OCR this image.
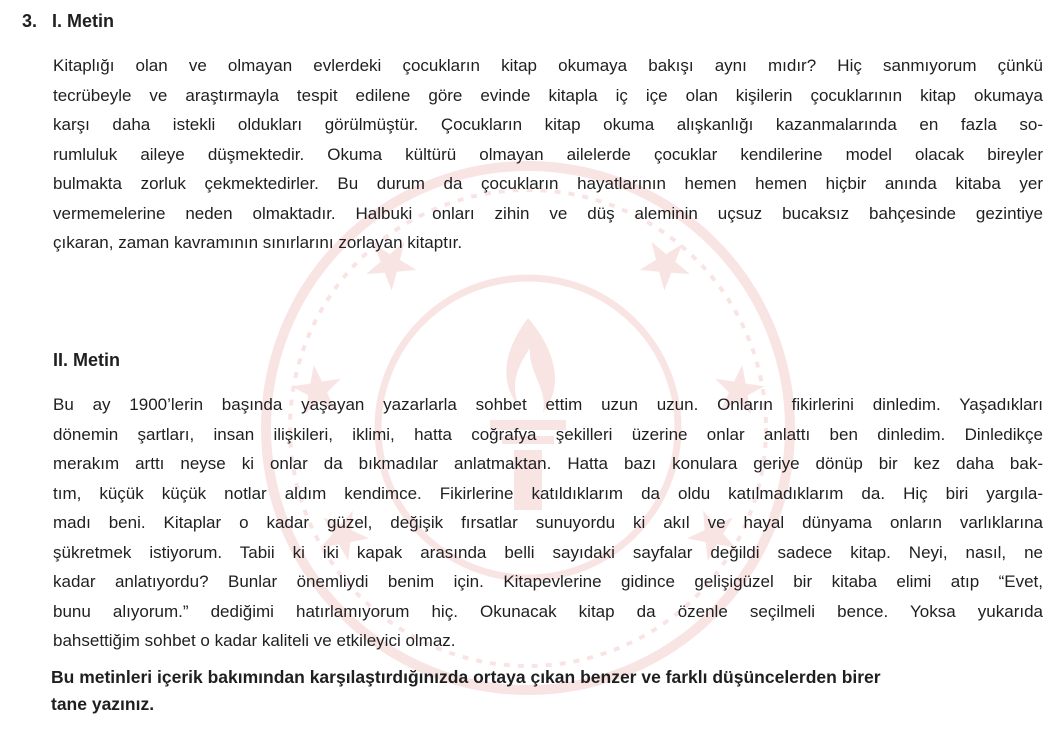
3. I. Metin

Kitaplığı olan ve olmayan evlerdeki çocukların kitap okumaya bakışı aynı mıdır? Hiç sanmıyorum çünkü
tecrübeyle ve araştırmayla tespit edilene göre evinde kitapla iç içe olan kişilerin çocuklarının kitap okumaya
karşı daha istekli oldukları görülmüştür. Çocukların kitap okuma alışkanlığı kazanmalarında en fazla so-
rumluluk aileye düşmektedir. Okuma kültürü olmayan ailelerde çocuklar kendilerine model olacak bireyler
bulmakta zorluk çekmektedirler. Bu durum da çocukların hayatlarının hemen hemen hiçbir anında kitaba yer
vermemelerine neden olmaktadır. Halbuki onları zihin ve düş aleminin uçsuz bucaksız bahçesinde gezintiye
çıkaran, zaman kavramının sınırlarını zorlayan kitaptır.

II. Metin

Bu ay 1900’lerin başında yaşayan yazarlarla sohbet ettim uzun uzun. Onların fikirlerini dinledim. Yaşadıkları
dönemin şartları, insan ilişkileri, iklimi, hatta coğrafya şekilleri üzerine onlar anlattı ben dinledim. Dinledikçe
merakım arttı neyse ki onlar da bıkmadılar anlatmaktan. Hatta bazı konulara geriye dönüp bir kez daha bak-
tım, küçük küçük notlar aldım kendimce. Fikirlerine katıldıklarım da oldu katılmadıklarım da. Hiç biri yargıla-
madı beni. Kitaplar o kadar güzel, değişik fırsatlar sunuyordu ki akıl ve hayal dünyama onların varlıklarına
şükretmek istiyorum. Tabii ki iki kapak arasında belli sayıdaki sayfalar değildi sadece kitap. Neyi, nasıl, ne
kadar anlatıyordu? Bunlar önemliydi benim için. Kitapevlerine gidince gelişigüzel bir kitaba elimi atıp “Evet,
bunu alıyorum.” dediğimi hatırlamıyorum hiç. Okunacak kitap da özenle seçilmeli bence. Yoksa yukarıda
bahsettiğim sohbet o kadar kaliteli ve etkileyici olmaz.

Bu metinleri içerik bakımından karşılaştırdığınızda ortaya çıkan benzer ve farklı düşüncelerden birer
tane yazınız.
